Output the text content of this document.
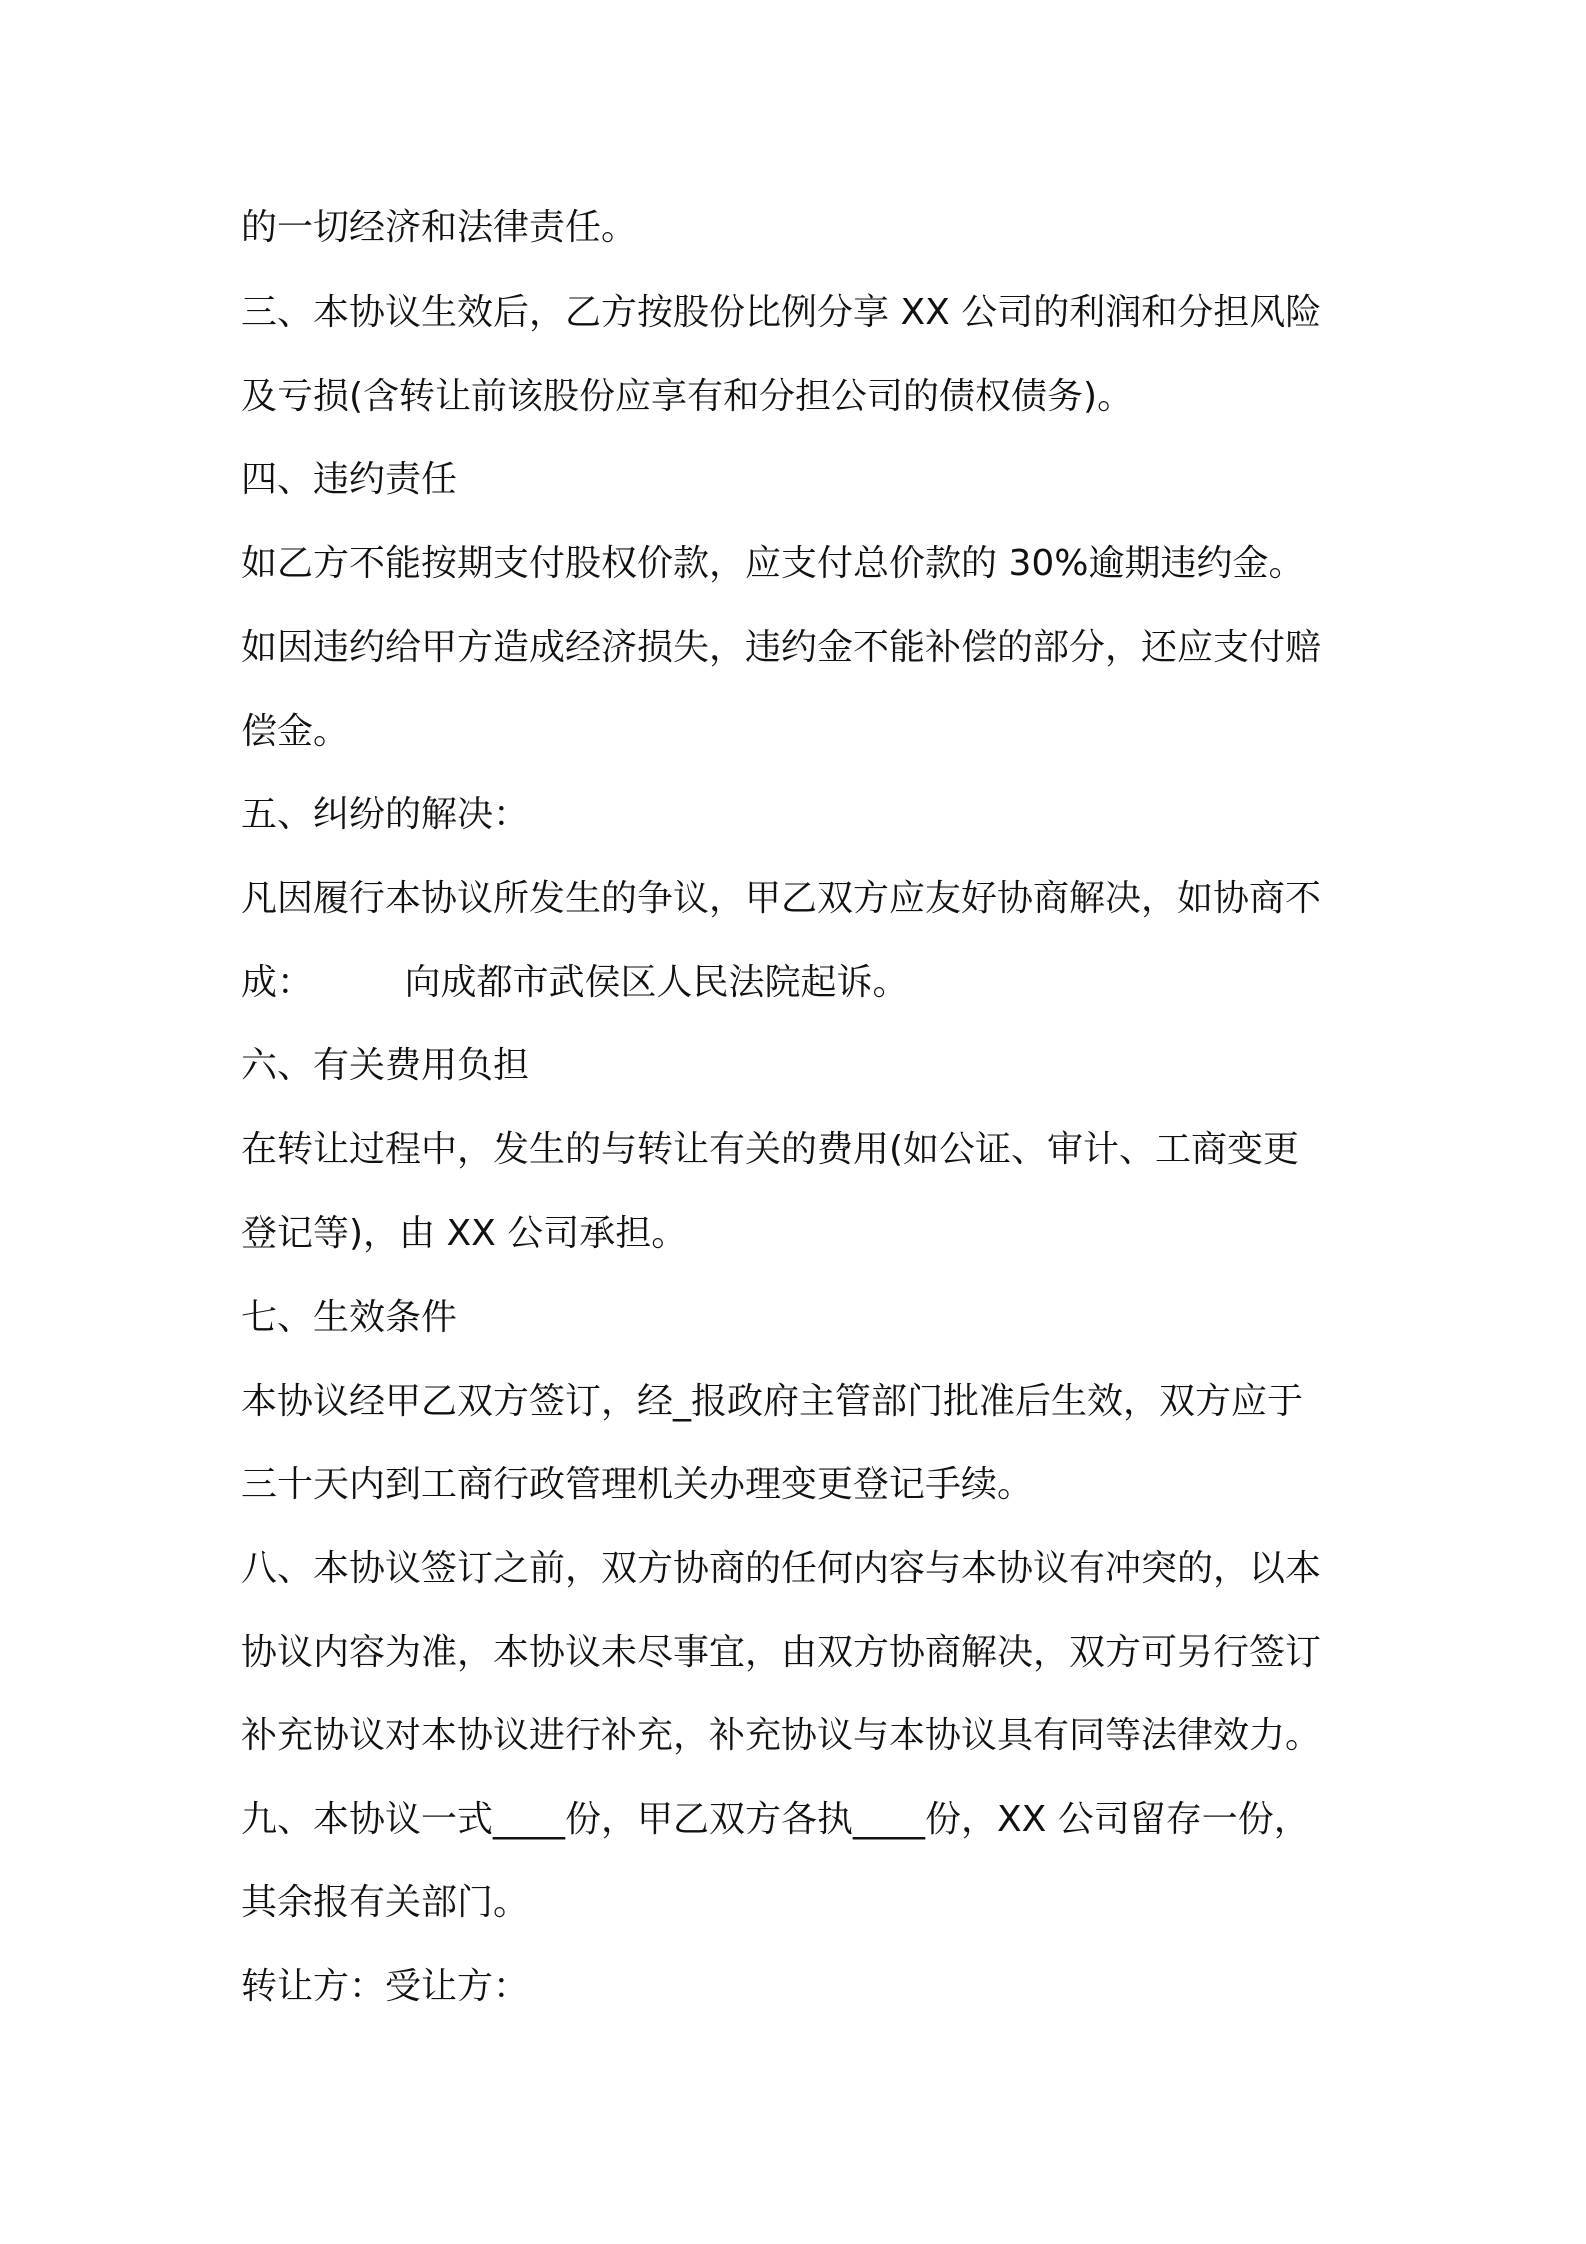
的一切经济和法律责任。
三、本协议生效后，乙方按股份比例分享 XX 公司的利润和分担风险
及亏损(含转让前该股份应享有和分担公司的债权债务)。
四、违约责任
如乙方不能按期支付股权价款，应支付总价款的 30%逾期违约金。
如因违约给甲方造成经济损失，违约金不能补偿的部分，还应支付赔
偿金。
五、纠纷的解决：
凡因履行本协议所发生的争议，甲乙双方应友好协商解决，如协商不
成：        向成都市武侯区人民法院起诉。
六、有关费用负担
在转让过程中，发生的与转让有关的费用(如公证、审计、工商变更
登记等)，由 XX 公司承担。
七、生效条件
本协议经甲乙双方签订，经_报政府主管部门批准后生效，双方应于
三十天内到工商行政管理机关办理变更登记手续。
八、本协议签订之前，双方协商的任何内容与本协议有冲突的，以本
协议内容为准，本协议未尽事宜，由双方协商解决，双方可另行签订
补充协议对本协议进行补充，补充协议与本协议具有同等法律效力。
九、本协议一式____份，甲乙双方各执____份，XX 公司留存一份，
其余报有关部门。
转让方：受让方：
